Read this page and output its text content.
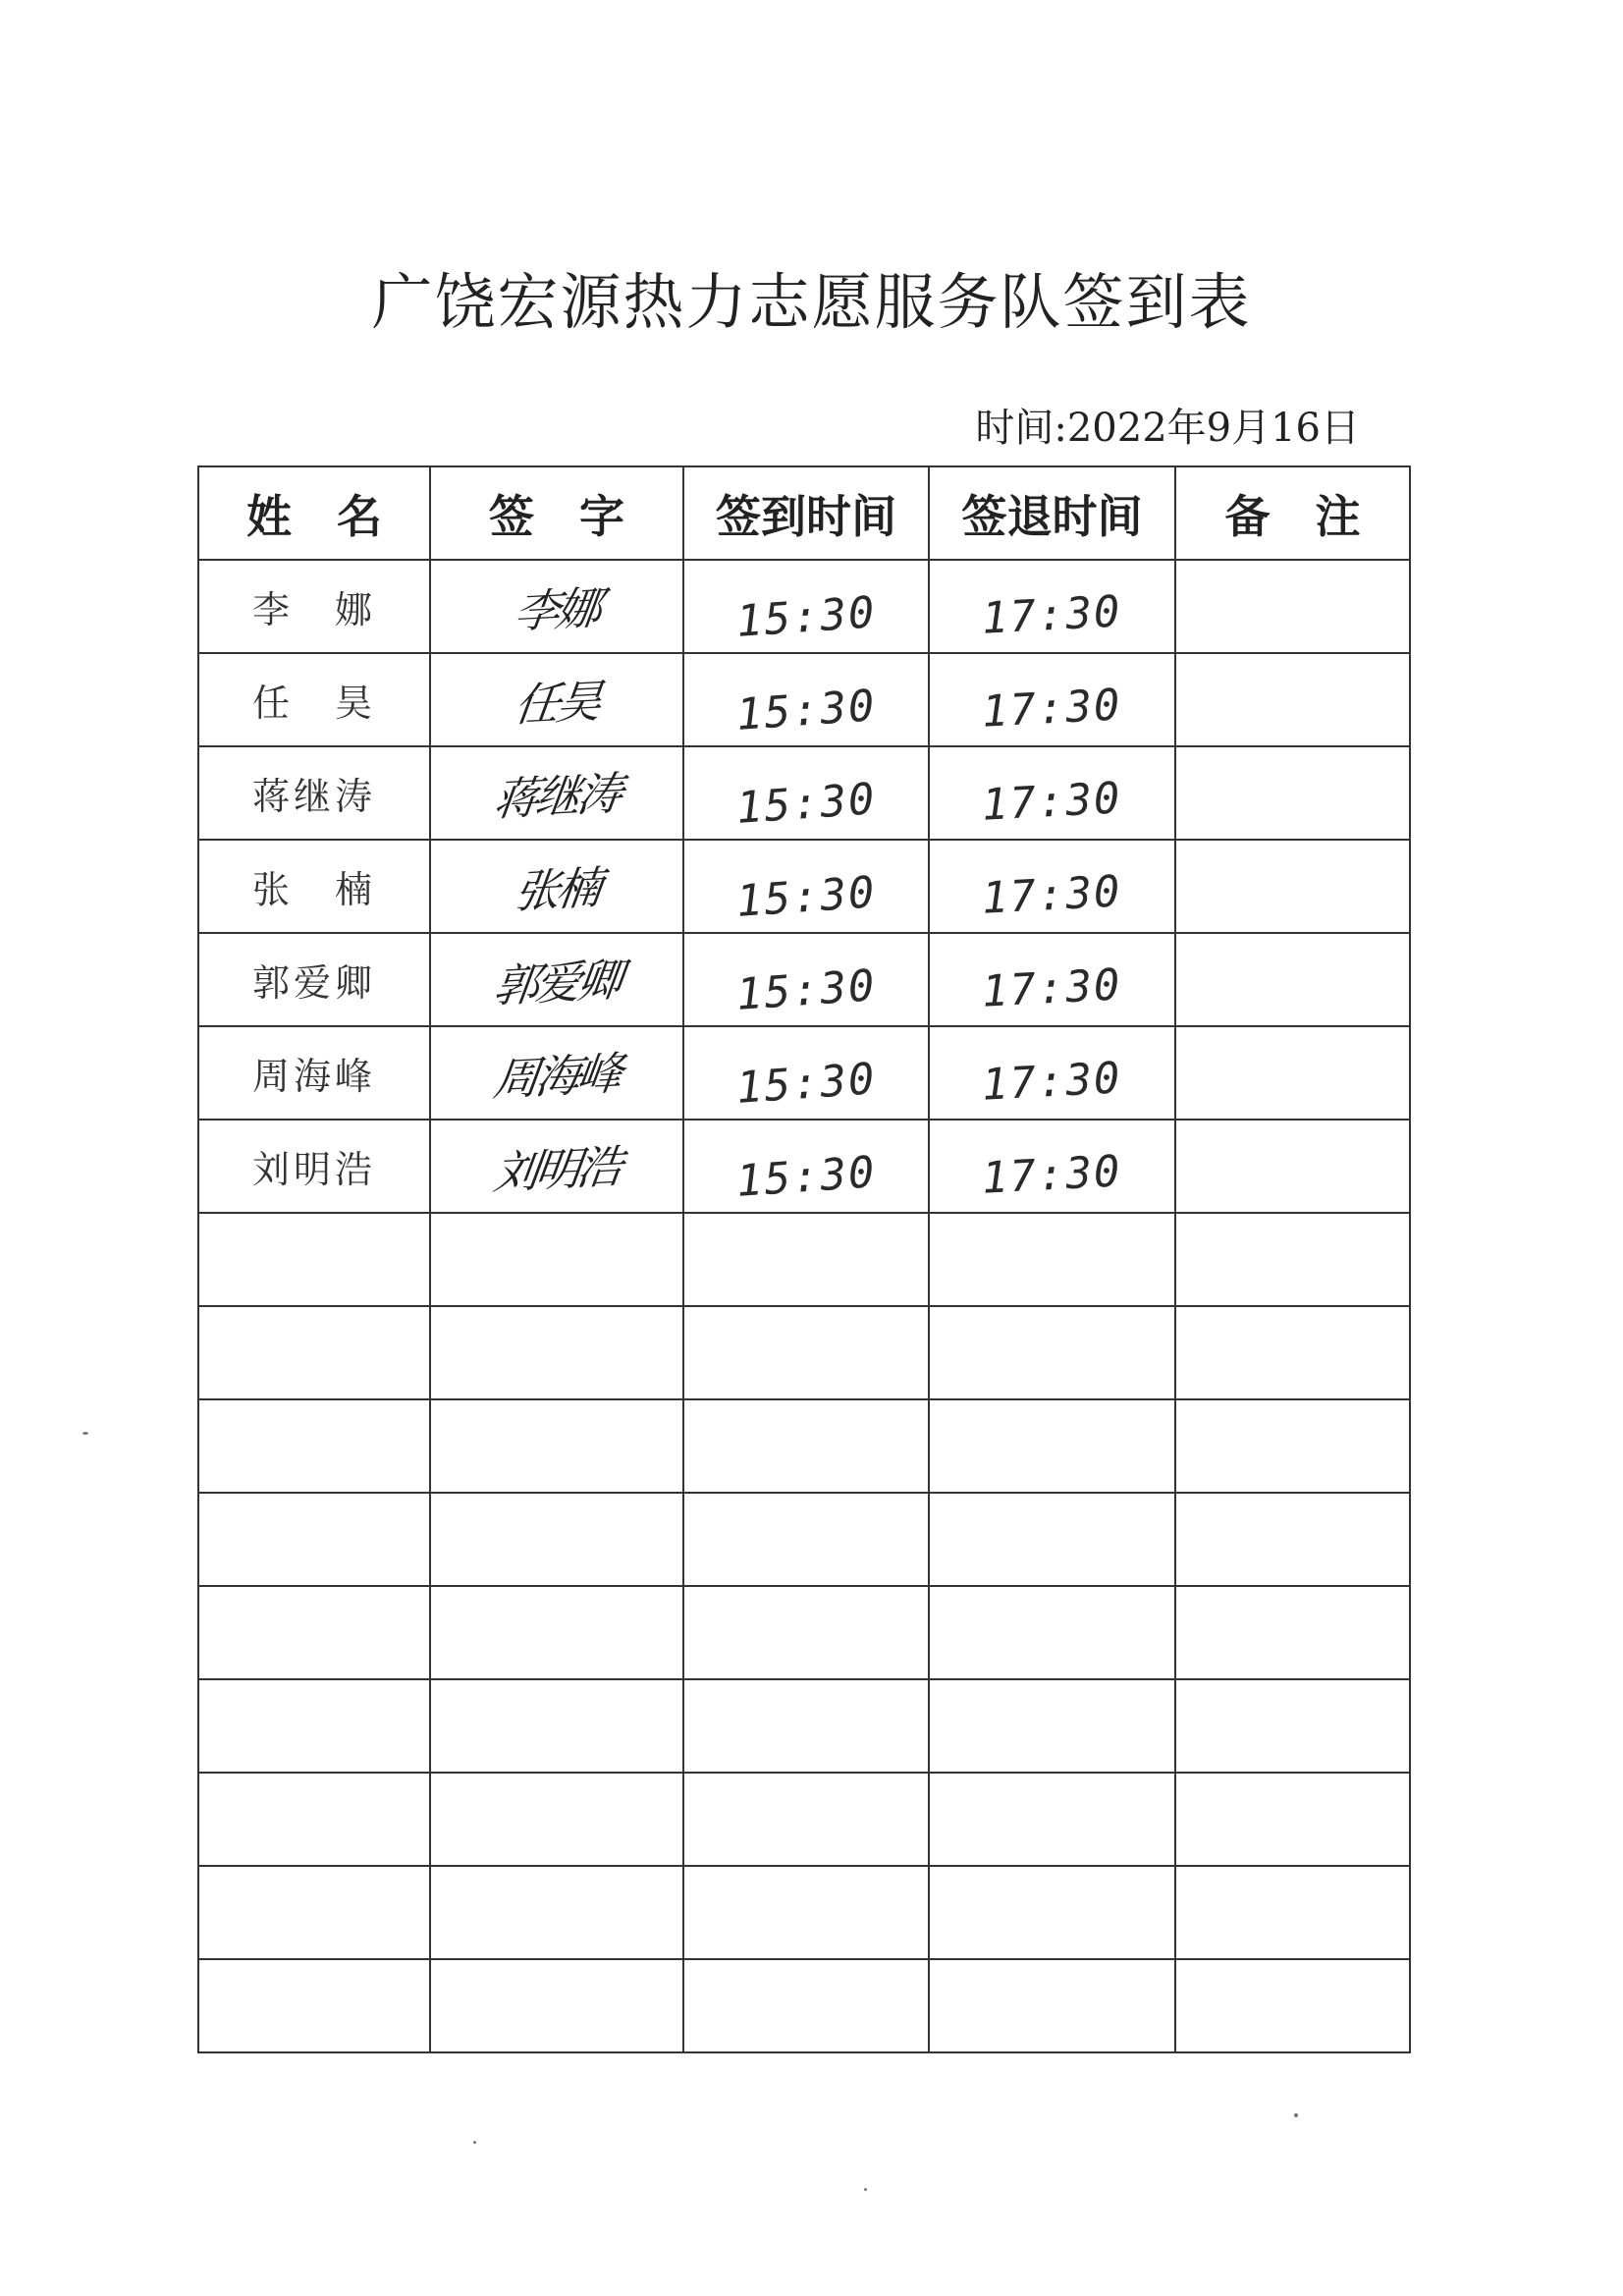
广饶宏源热力志愿服务队签到表
时间:2022年9月16日
姓　名	签　字	签到时间	签退时间	备　注
李　娜	李娜	15:30	17:30	
任　昊	任昊	15:30	17:30	
蒋继涛	蒋继涛	15:30	17:30	
张　楠	张楠	15:30	17:30	
郭爱卿	郭爱卿	15:30	17:30	
周海峰	周海峰	15:30	17:30	
刘明浩	刘明浩	15:30	17:30	
